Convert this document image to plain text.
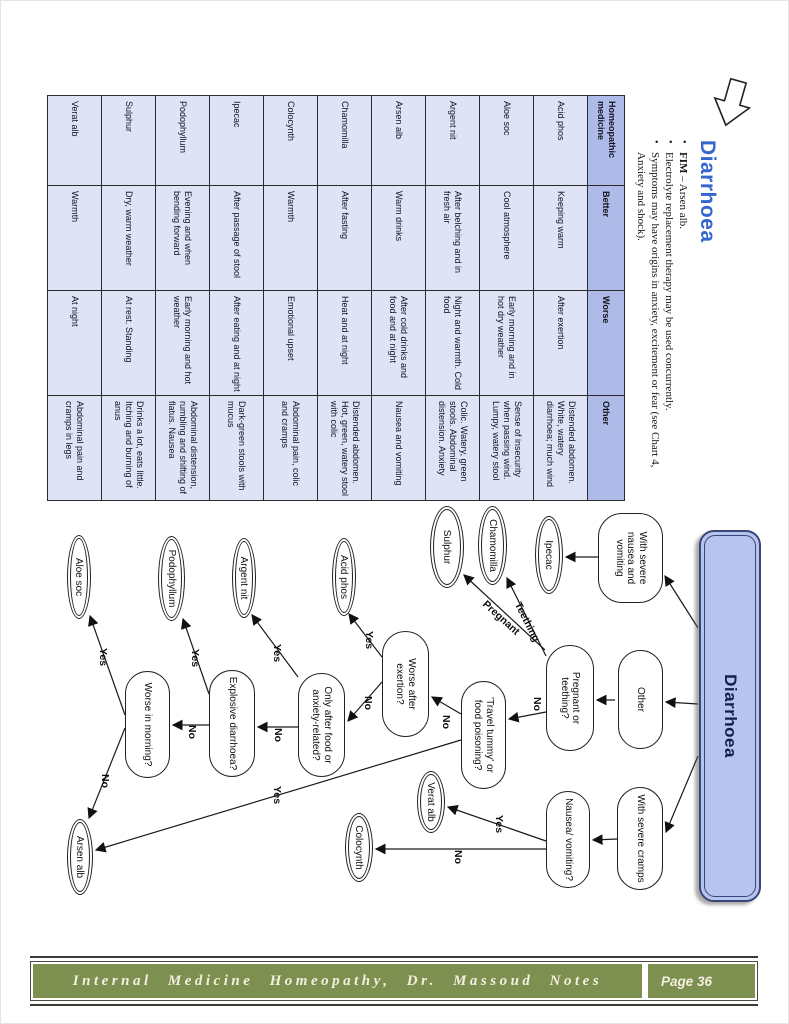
Diarrhoea
•

FIM – Arsen alb.

•

Electrolyte replacement therapy may be used concurrently.

•

Symptoms may have origins in anxiety, excitement or fear (see Chart 4, Anxiety and shock).

Homeopathic medicine	Better	Worse	Other
Acid phos	Keeping warm	After exertion	Distended abdomen. White, watery diarrhoea; much wind
Aloe soc	Cool atmosphere	Early morning and in hot dry weather	Sense of insecurity when passing wind. Lumpy, watery stool
Argent nit	After belching and in fresh air	Night and warmth. Cold food	Colic. Watery, green stools. Abdominal distension. Anxiety
Arsen alb	Warm drinks	After cold drinks and food and at night	Nausea and vomiting
Chamomilla	After fasting	Heat and at night	Distended abdomen. Hot, green, watery stool with colic
Colocynth	Warmth	Emotional upset	Abdominal pain, colic and cramps
Ipecac	After passage of stool	After eating and at night	Dark-green stools with mucus
Podophyllum	Evening and when bending forward	Early morning and hot weather	Abdominal distension, rumbling and shifting of flatus. Nausea
Sulphur	Dry, warm weather	At rest. Standing	Drinks a lot, eats little. Itching and burning of anus
Verat alb	Warmth	At night	Abdominal pain and cramps in legs
Diarrhoea
With severe nausea and vomiting
Other
With severe cramps
Pregnant or teething?
Nausea/ vomiting?
'Travel tummy' or food poisoning?
Worse after exertion?
Only after food or anxiety-related?
Explosive diarrhoea?
Worse in morning?
Ipecac
Chamomilla
Sulphur
Verat alb
Colocynth
Acid phos
Argent nit
Podophyllum
Aloe soc
Arsen alb
Teething
Pregnant
No
No
Yes
Yes
No
Yes
No
Yes
No
Yes
No
Yes
No
Internal Medicine Homeopathy, Dr. Massoud Notes	Page 36
